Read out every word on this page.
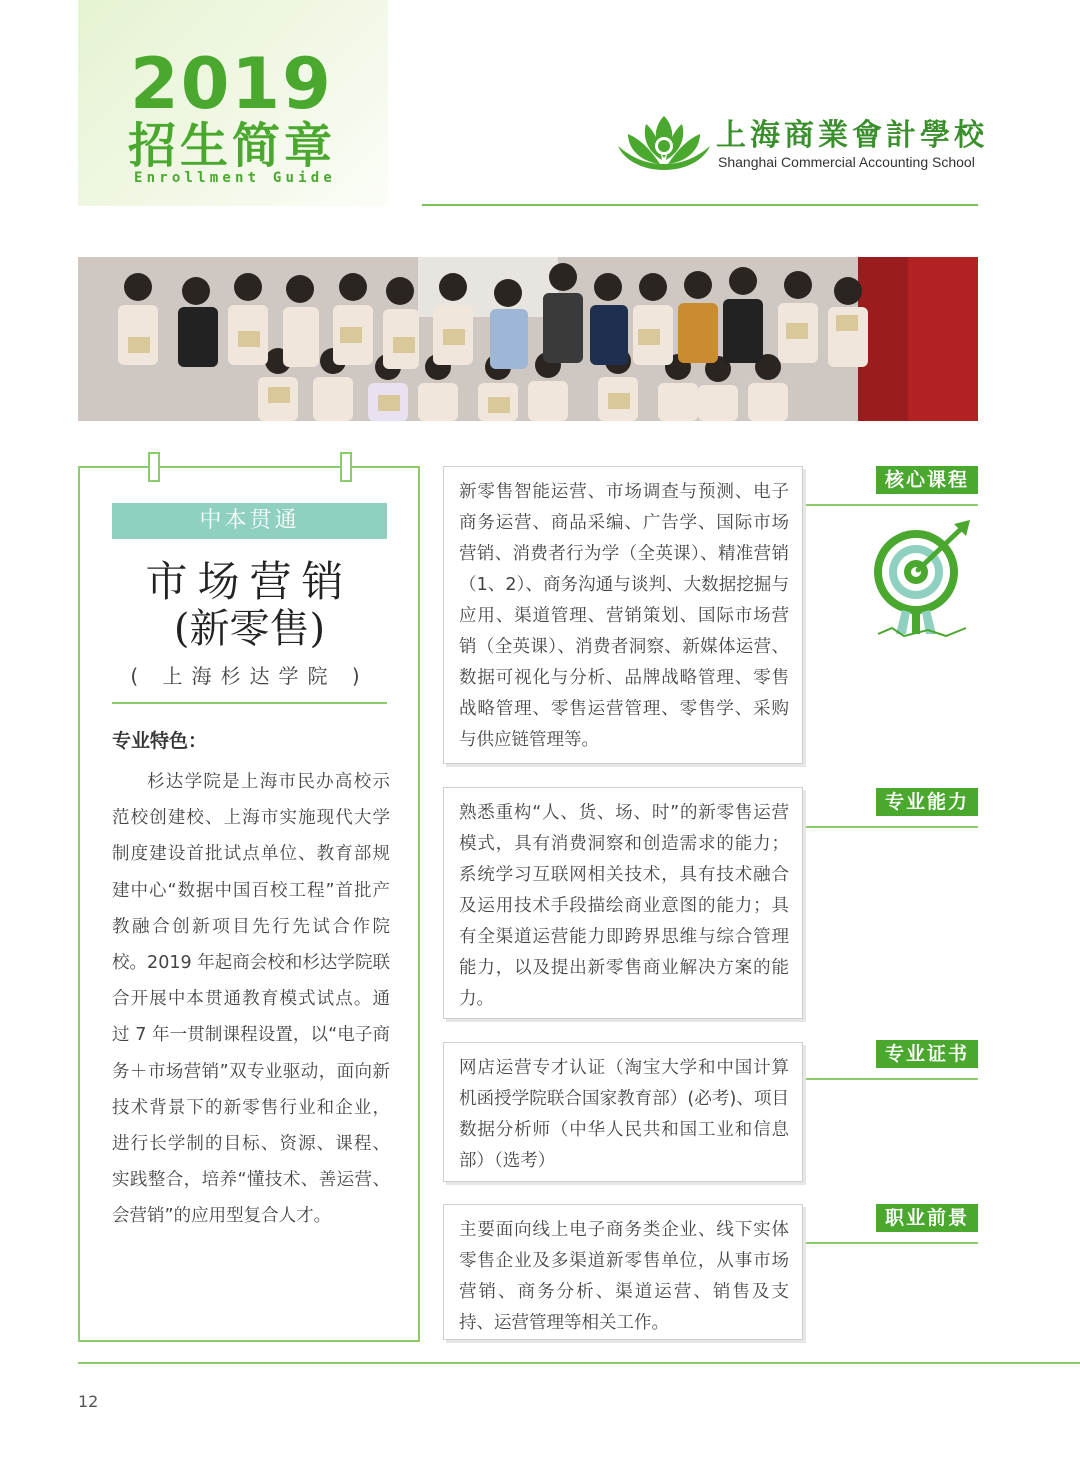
2019
招生简章
Enrollment Guide
上海商業會計學校
Shanghai Commercial Accounting School
中本贯通
市场营销
(新零售)
( 上海杉达学院 )
专业特色：
杉达学院是上海市民办高校示范校创建校、上海市实施现代大学制度建设首批试点单位、教育部规建中心“数据中国百校工程”首批产教融合创新项目先行先试合作院校。2019 年起商会校和杉达学院联合开展中本贯通教育模式试点。通过 7 年一贯制课程设置，以“电子商务＋市场营销”双专业驱动，面向新技术背景下的新零售行业和企业，进行长学制的目标、资源、课程、实践整合，培养“懂技术、善运营、会营销”的应用型复合人才。
新零售智能运营、市场调查与预测、电子商务运营、商品采编、广告学、国际市场营销、消费者行为学（全英课）、精准营销（1、2）、商务沟通与谈判、大数据挖掘与应用、渠道管理、营销策划、国际市场营销（全英课）、消费者洞察、新媒体运营、数据可视化与分析、品牌战略管理、零售战略管理、零售运营管理、零售学、采购与供应链管理等。
核心课程
熟悉重构“人、货、场、时”的新零售运营模式，具有消费洞察和创造需求的能力；系统学习互联网相关技术，具有技术融合及运用技术手段描绘商业意图的能力；具有全渠道运营能力即跨界思维与综合管理能力，以及提出新零售商业解决方案的能力。
专业能力
网店运营专才认证（淘宝大学和中国计算机函授学院联合国家教育部）(必考)、项目数据分析师（中华人民共和国工业和信息部）（选考）
专业证书
主要面向线上电子商务类企业、线下实体零售企业及多渠道新零售单位，从事市场营销、商务分析、渠道运营、销售及支持、运营管理等相关工作。
职业前景
12
